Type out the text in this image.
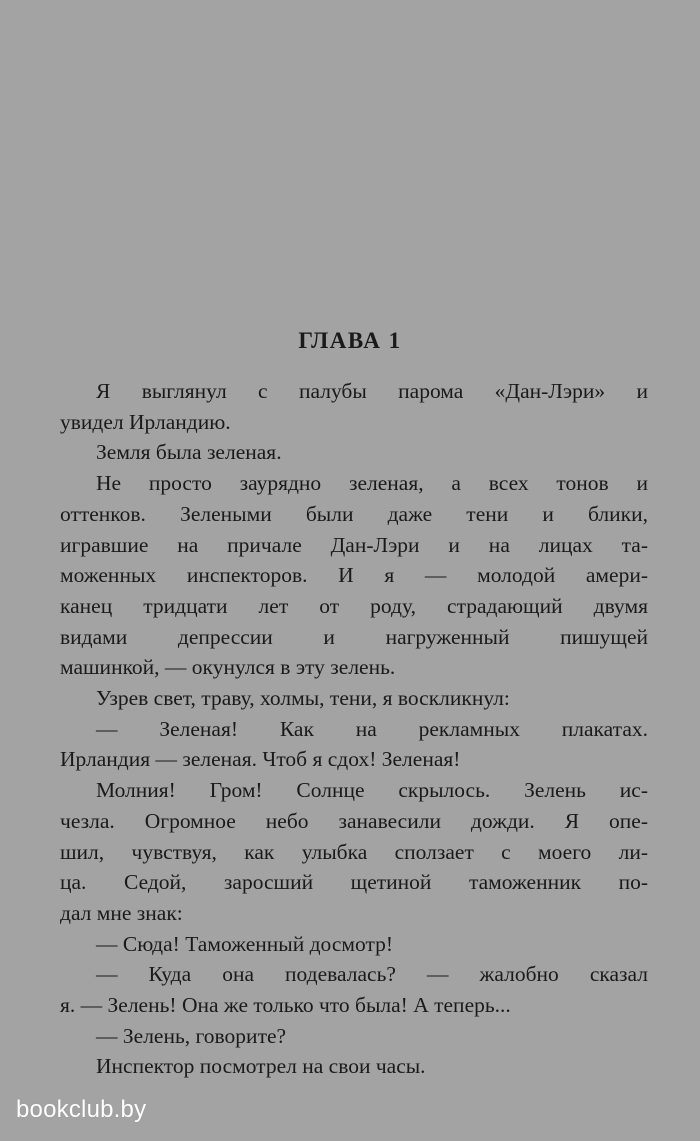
ГЛАВА 1

Я выглянул с палубы парома «Дан-Лэри» и
увидел Ирландию.

Земля была зеленая.

Не просто заурядно зеленая, а всех тонов и
оттенков. Зелеными были даже тени и блики,
игравшие на причале Дан-Лэри и на лицах та-
моженных инспекторов. И я — молодой амери-
канец тридцати лет от роду, страдающий двумя
видами депрессии и нагруженный пишущей
машинкой, — окунулся в эту зелень.

Узрев свет, траву, холмы, тени, я воскликнул:

— Зеленая! Как на рекламных плакатах.
Ирландия — зеленая. Чтоб я сдох! Зеленая!

Молния! Гром! Солнце скрылось. Зелень ис-
чезла. Огромное небо занавесили дожди. Я опе-
шил, чувствуя, как улыбка сползает с моего ли-
ца. Седой, заросший щетиной таможенник по-
дал мне знак:

— Сюда! Таможенный досмотр!

— Куда она подевалась? — жалобно сказал
я. — Зелень! Она же только что была! А теперь...

— Зелень, говорите?

Инспектор посмотрел на свои часы.

bookclub.by
